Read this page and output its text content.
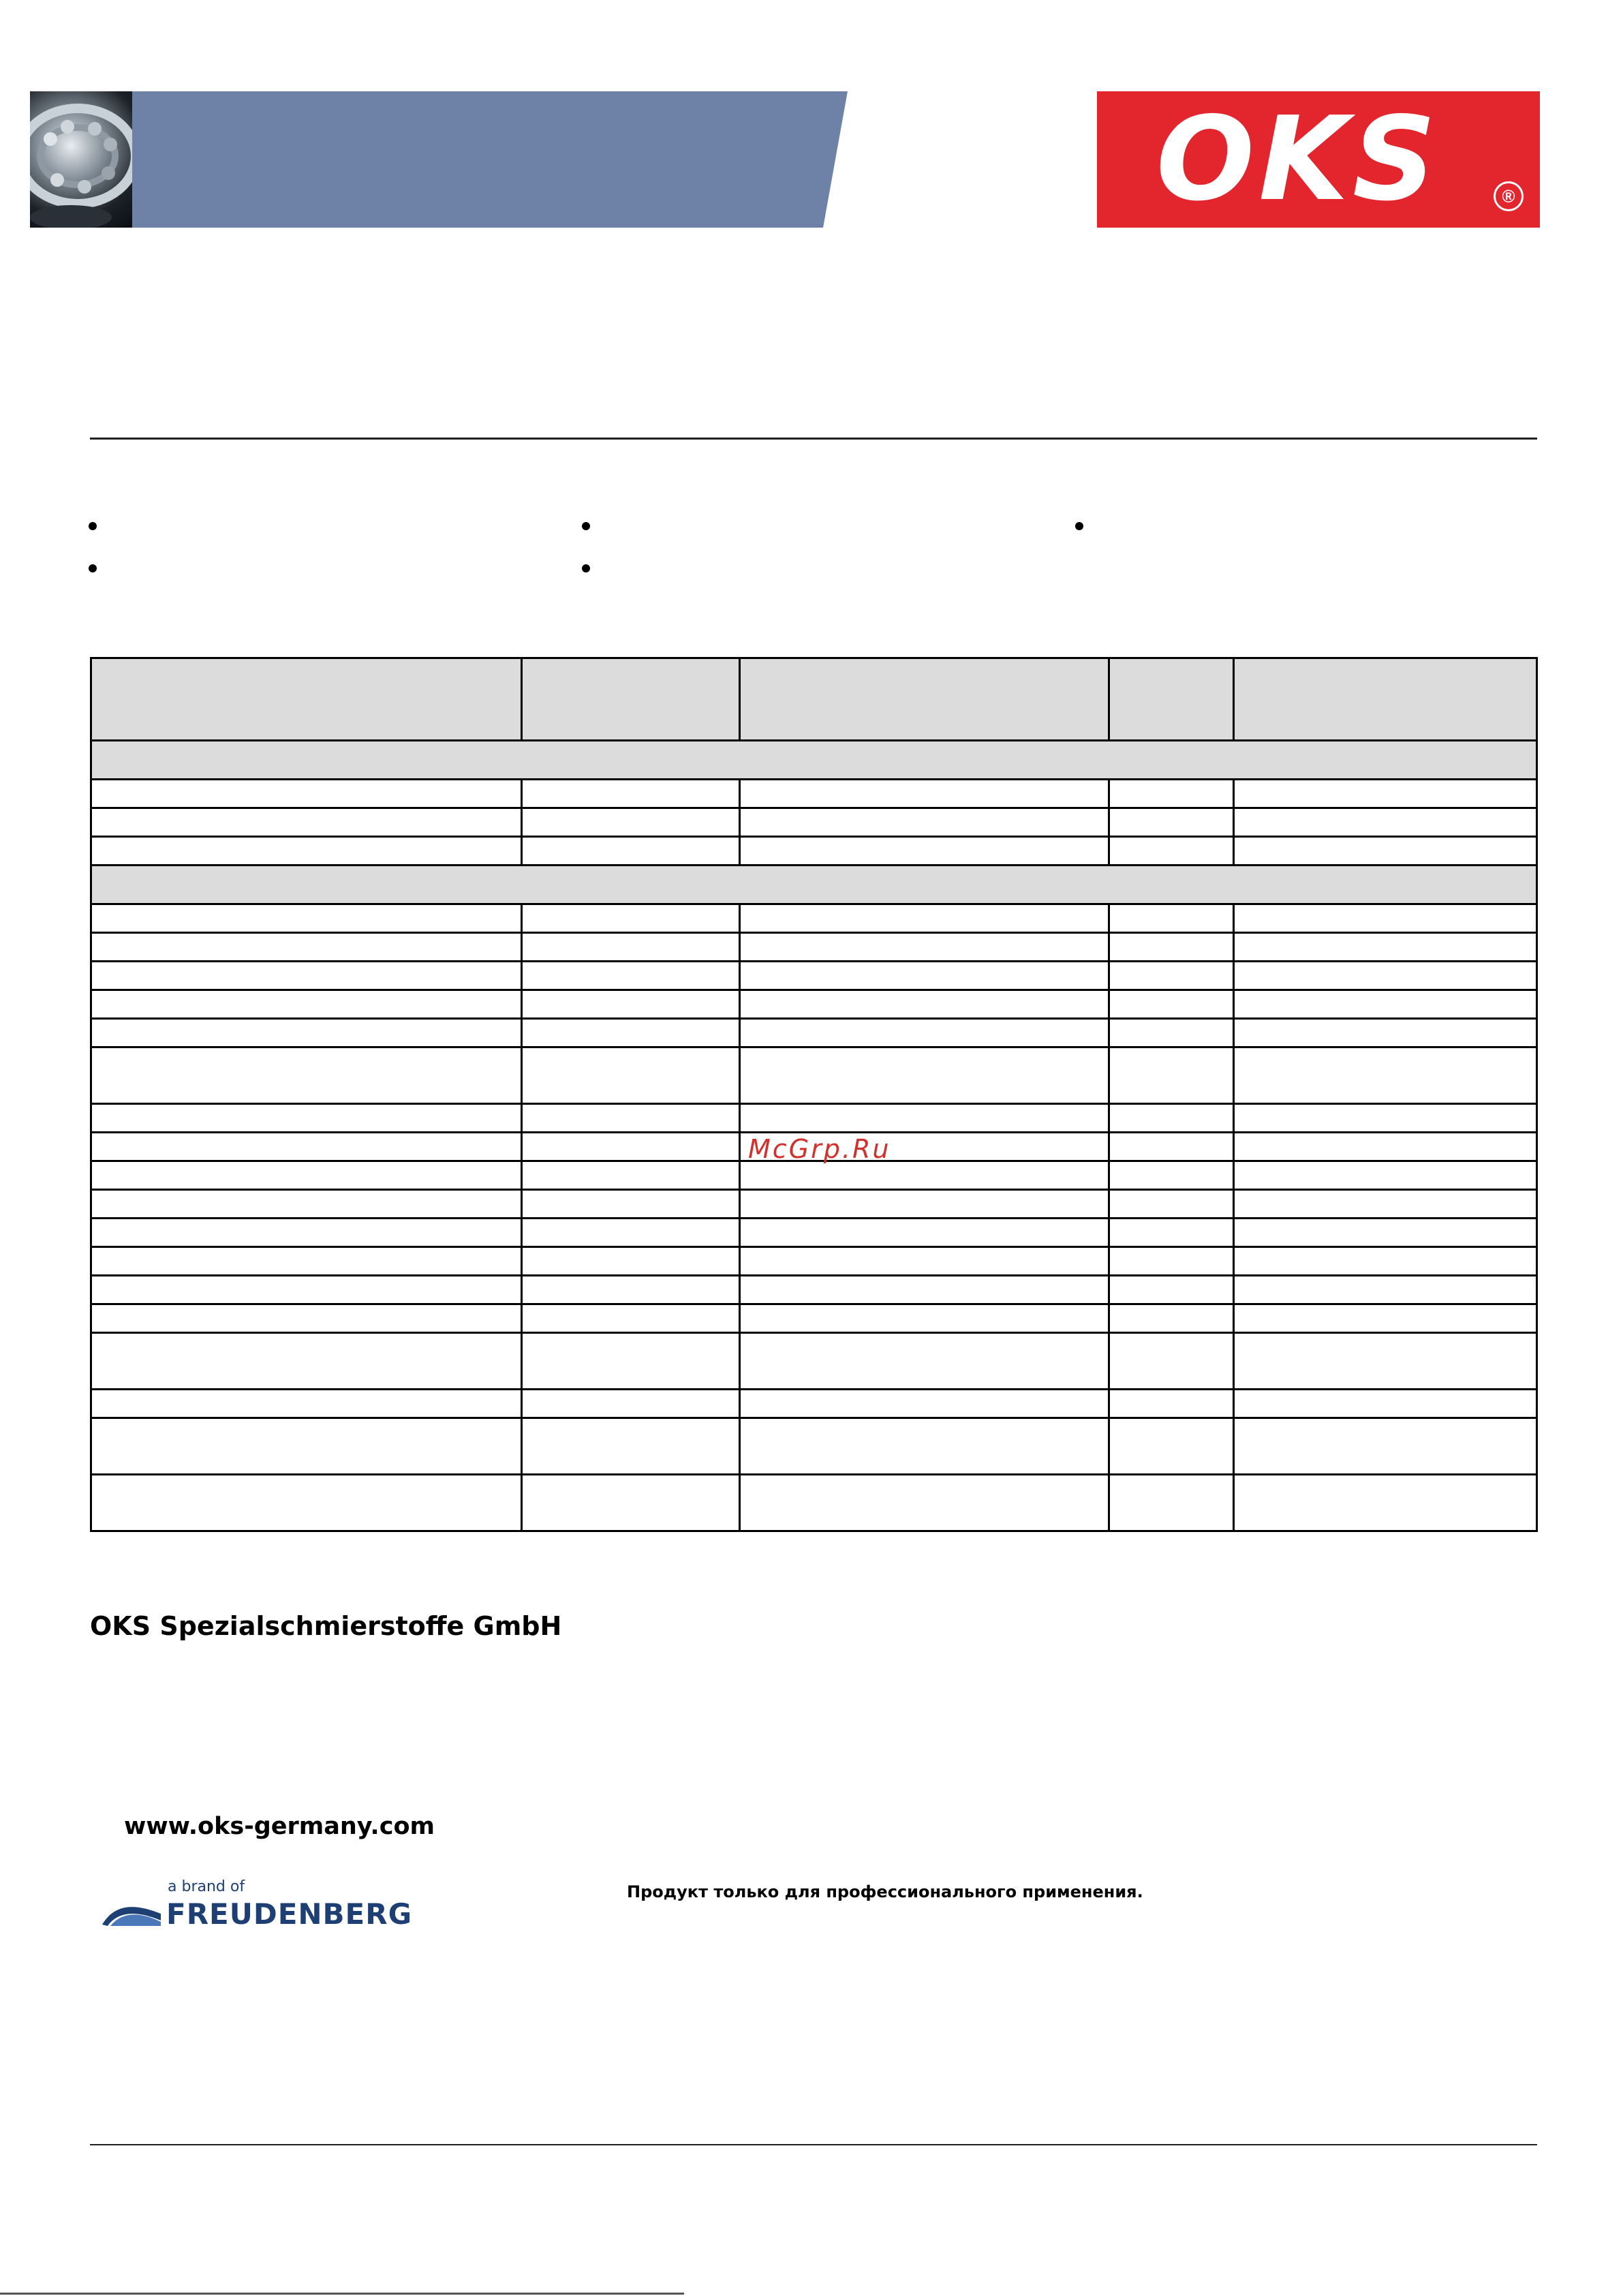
OKS	®

McGrp.Ru
OKS Spezialschmierstoffe GmbH
www.oks-germany.com
a brand of
FREUDENBERG
Продукт только для профессионального применения.
